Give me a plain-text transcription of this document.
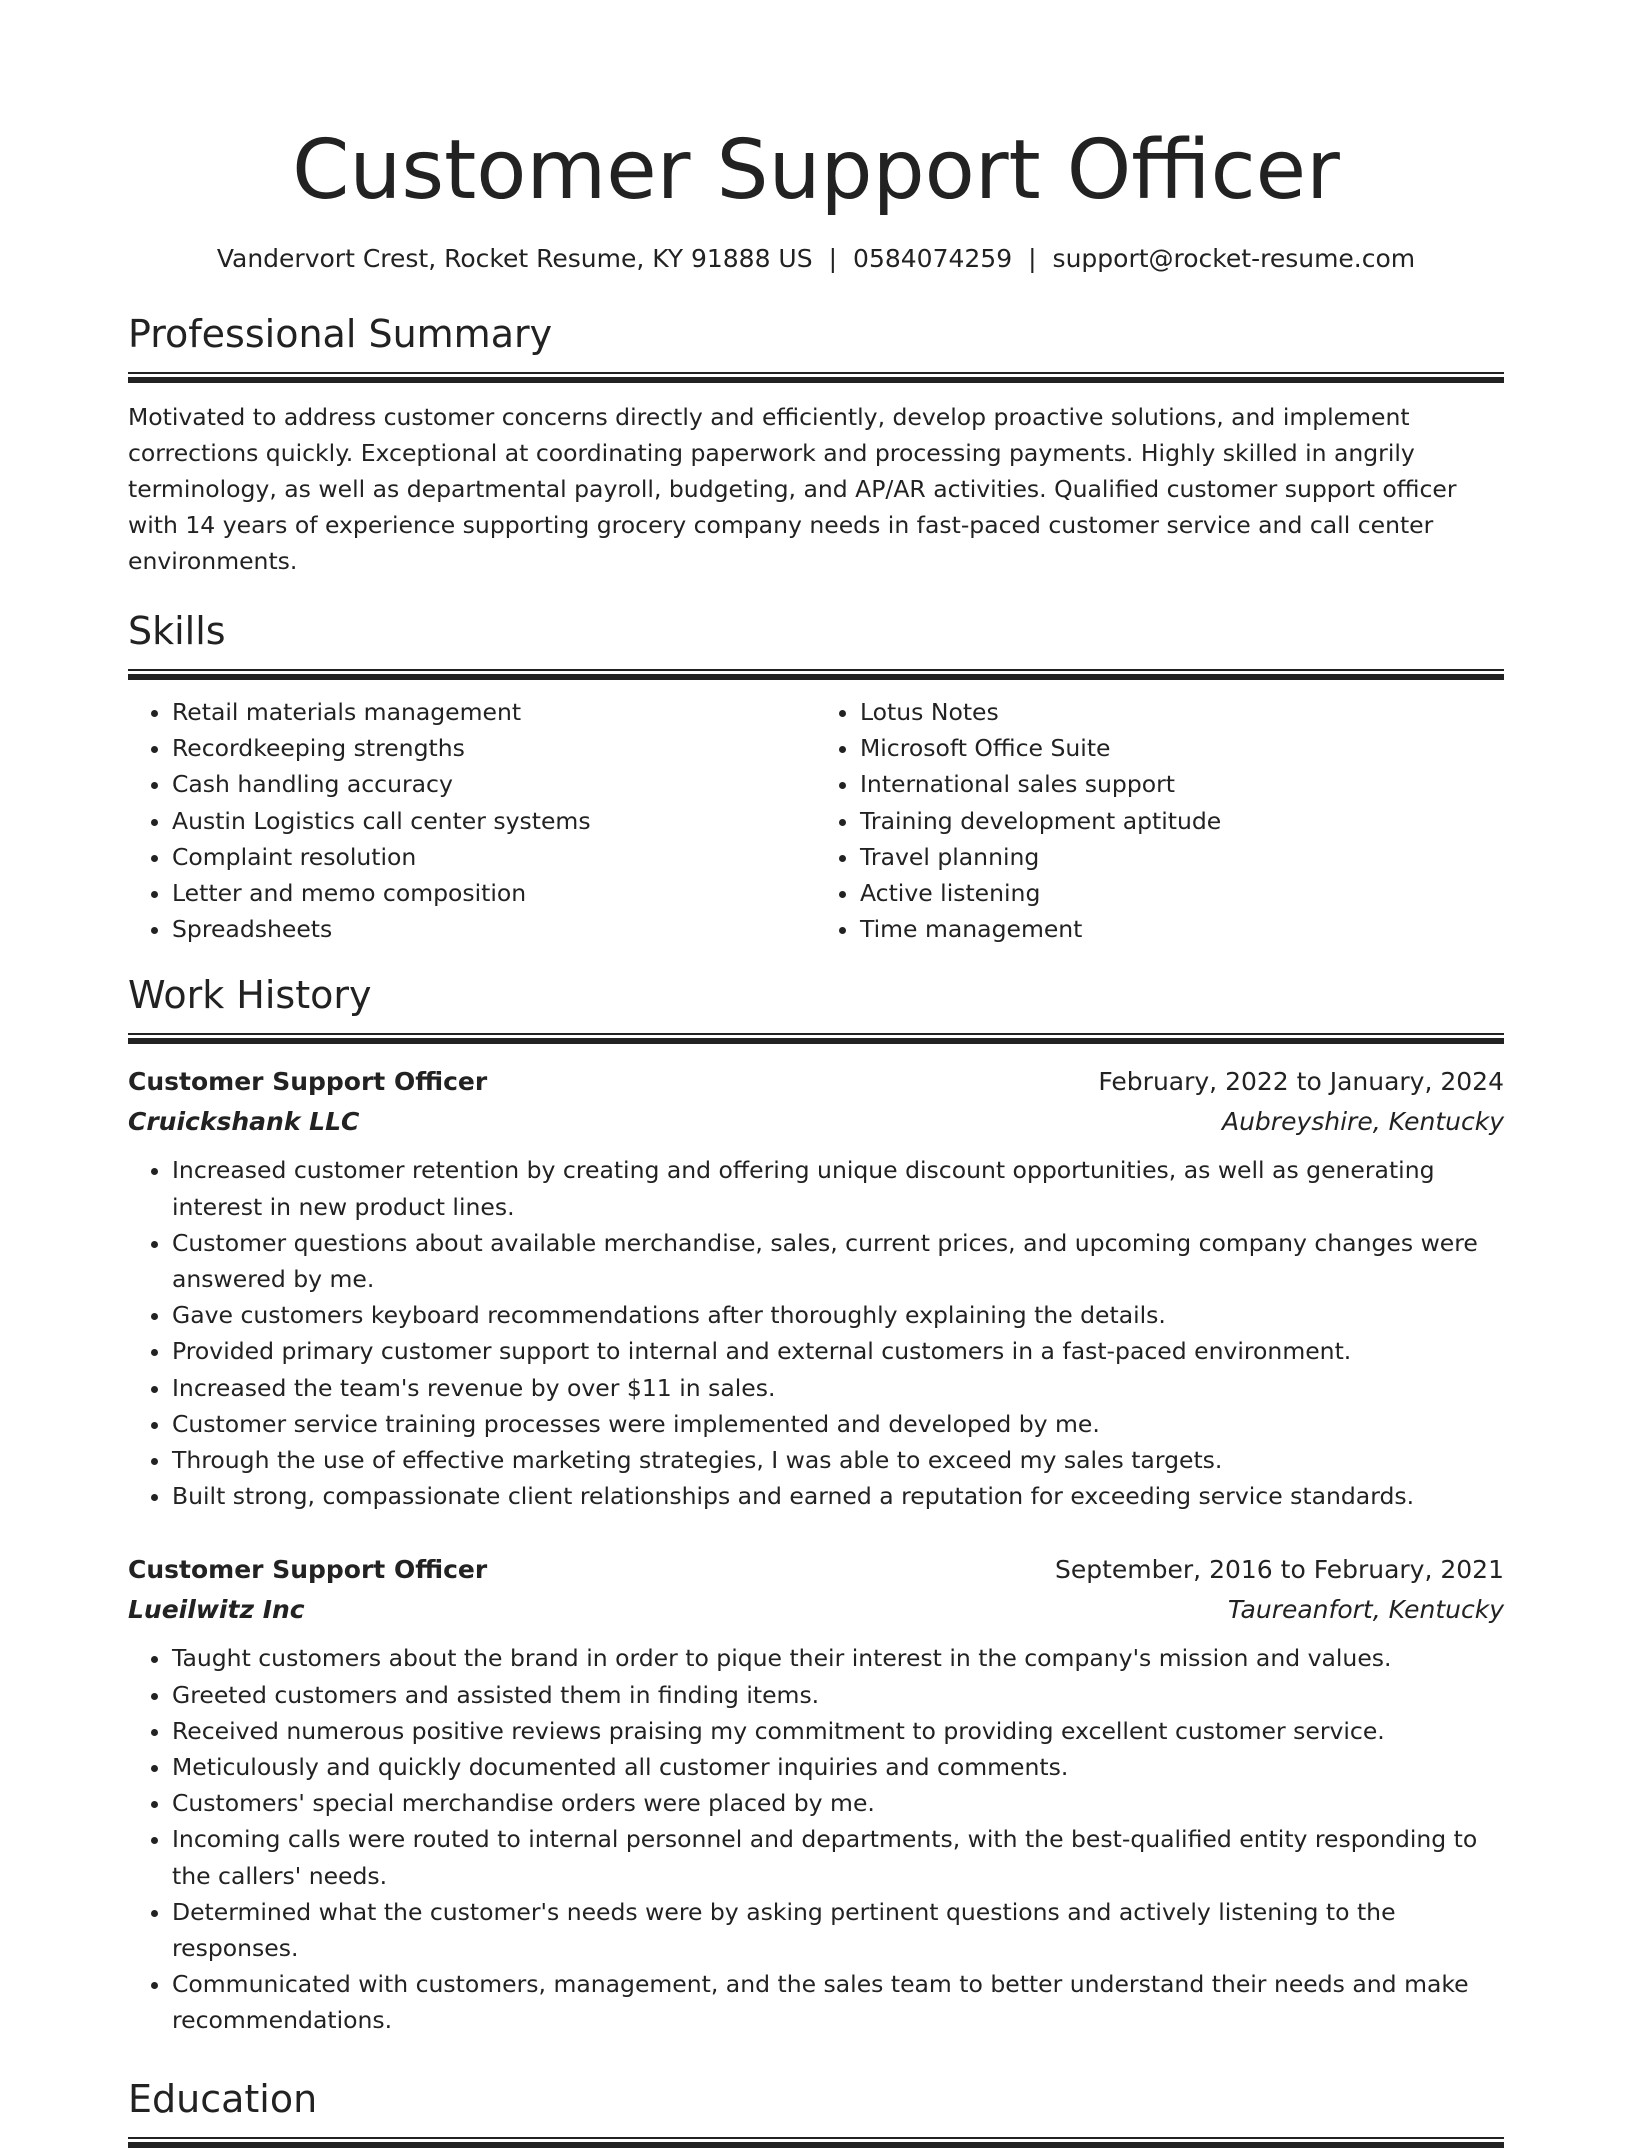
Customer Support Officer
Vandervort Crest, Rocket Resume, KY 91888 US | 0584074259 | support@rocket-resume.com
Professional Summary

Motivated to address customer concerns directly and efficiently, develop proactive solutions, and implement corrections quickly. Exceptional at coordinating paperwork and processing payments. Highly skilled in angrily terminology, as well as departmental payroll, budgeting, and AP/AR activities. Qualified customer support officer with 14 years of experience supporting grocery company needs in fast-paced customer service and call center environments.

Skills
• Retail materials management
• Recordkeeping strengths
• Cash handling accuracy
• Austin Logistics call center systems
• Complaint resolution
• Letter and memo composition
• Spreadsheets
• Lotus Notes
• Microsoft Office Suite
• International sales support
• Training development aptitude
• Travel planning
• Active listening
• Time management
Work History
Customer Support Officer	February, 2022 to January, 2024
Cruickshank LLC	Aubreyshire, Kentucky
• Increased customer retention by creating and offering unique discount opportunities, as well as generating interest in new product lines.
• Customer questions about available merchandise, sales, current prices, and upcoming company changes were answered by me.
• Gave customers keyboard recommendations after thoroughly explaining the details.
• Provided primary customer support to internal and external customers in a fast-paced environment.
• Increased the team's revenue by over $11 in sales.
• Customer service training processes were implemented and developed by me.
• Through the use of effective marketing strategies, I was able to exceed my sales targets.
• Built strong, compassionate client relationships and earned a reputation for exceeding service standards.
Customer Support Officer	September, 2016 to February, 2021
Lueilwitz Inc	Taureanfort, Kentucky
• Taught customers about the brand in order to pique their interest in the company's mission and values.
• Greeted customers and assisted them in finding items.
• Received numerous positive reviews praising my commitment to providing excellent customer service.
• Meticulously and quickly documented all customer inquiries and comments.
• Customers' special merchandise orders were placed by me.
• Incoming calls were routed to internal personnel and departments, with the best-qualified entity responding to the callers' needs.
• Determined what the customer's needs were by asking pertinent questions and actively listening to the responses.
• Communicated with customers, management, and the sales team to better understand their needs and make recommendations.
Education
